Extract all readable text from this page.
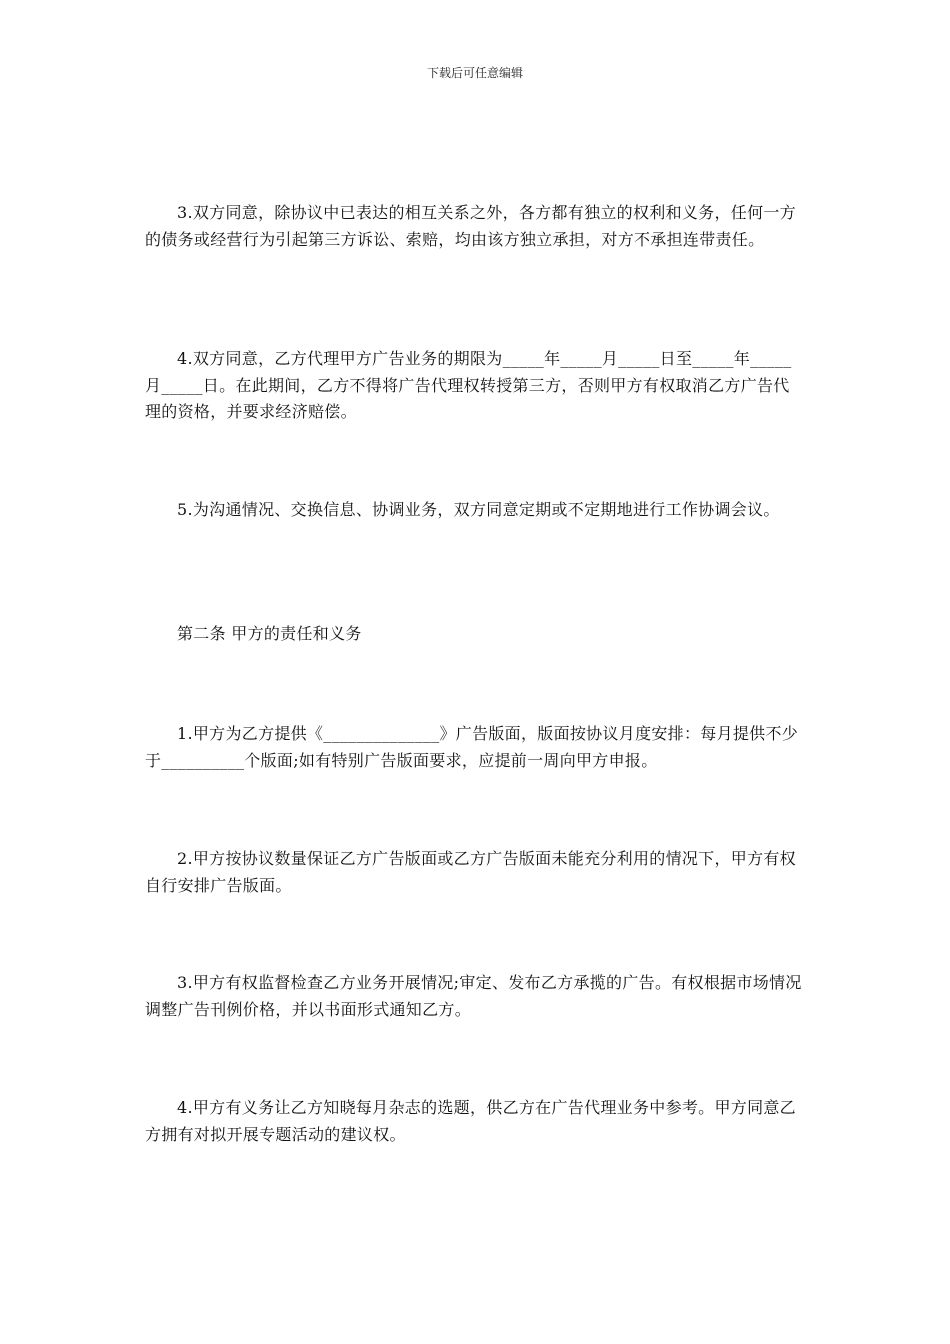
下载后可任意编辑

3.双方同意，除协议中已表达的相互关系之外，各方都有独立的权利和义务，任何一方的债务或经营行为引起第三方诉讼、索赔，均由该方独立承担，对方不承担连带责任。

4.双方同意，乙方代理甲方广告业务的期限为_____年_____月_____日至_____年_____月_____日。在此期间，乙方不得将广告代理权转授第三方，否则甲方有权取消乙方广告代理的资格，并要求经济赔偿。

5.为沟通情况、交换信息、协调业务，双方同意定期或不定期地进行工作协调会议。

第二条 甲方的责任和义务

1.甲方为乙方提供《______________》广告版面，版面按协议月度安排：每月提供不少于__________个版面;如有特别广告版面要求，应提前一周向甲方申报。

2.甲方按协议数量保证乙方广告版面或乙方广告版面未能充分利用的情况下，甲方有权自行安排广告版面。

3.甲方有权监督检查乙方业务开展情况;审定、发布乙方承揽的广告。有权根据市场情况调整广告刊例价格，并以书面形式通知乙方。

4.甲方有义务让乙方知晓每月杂志的选题，供乙方在广告代理业务中参考。甲方同意乙方拥有对拟开展专题活动的建议权。
